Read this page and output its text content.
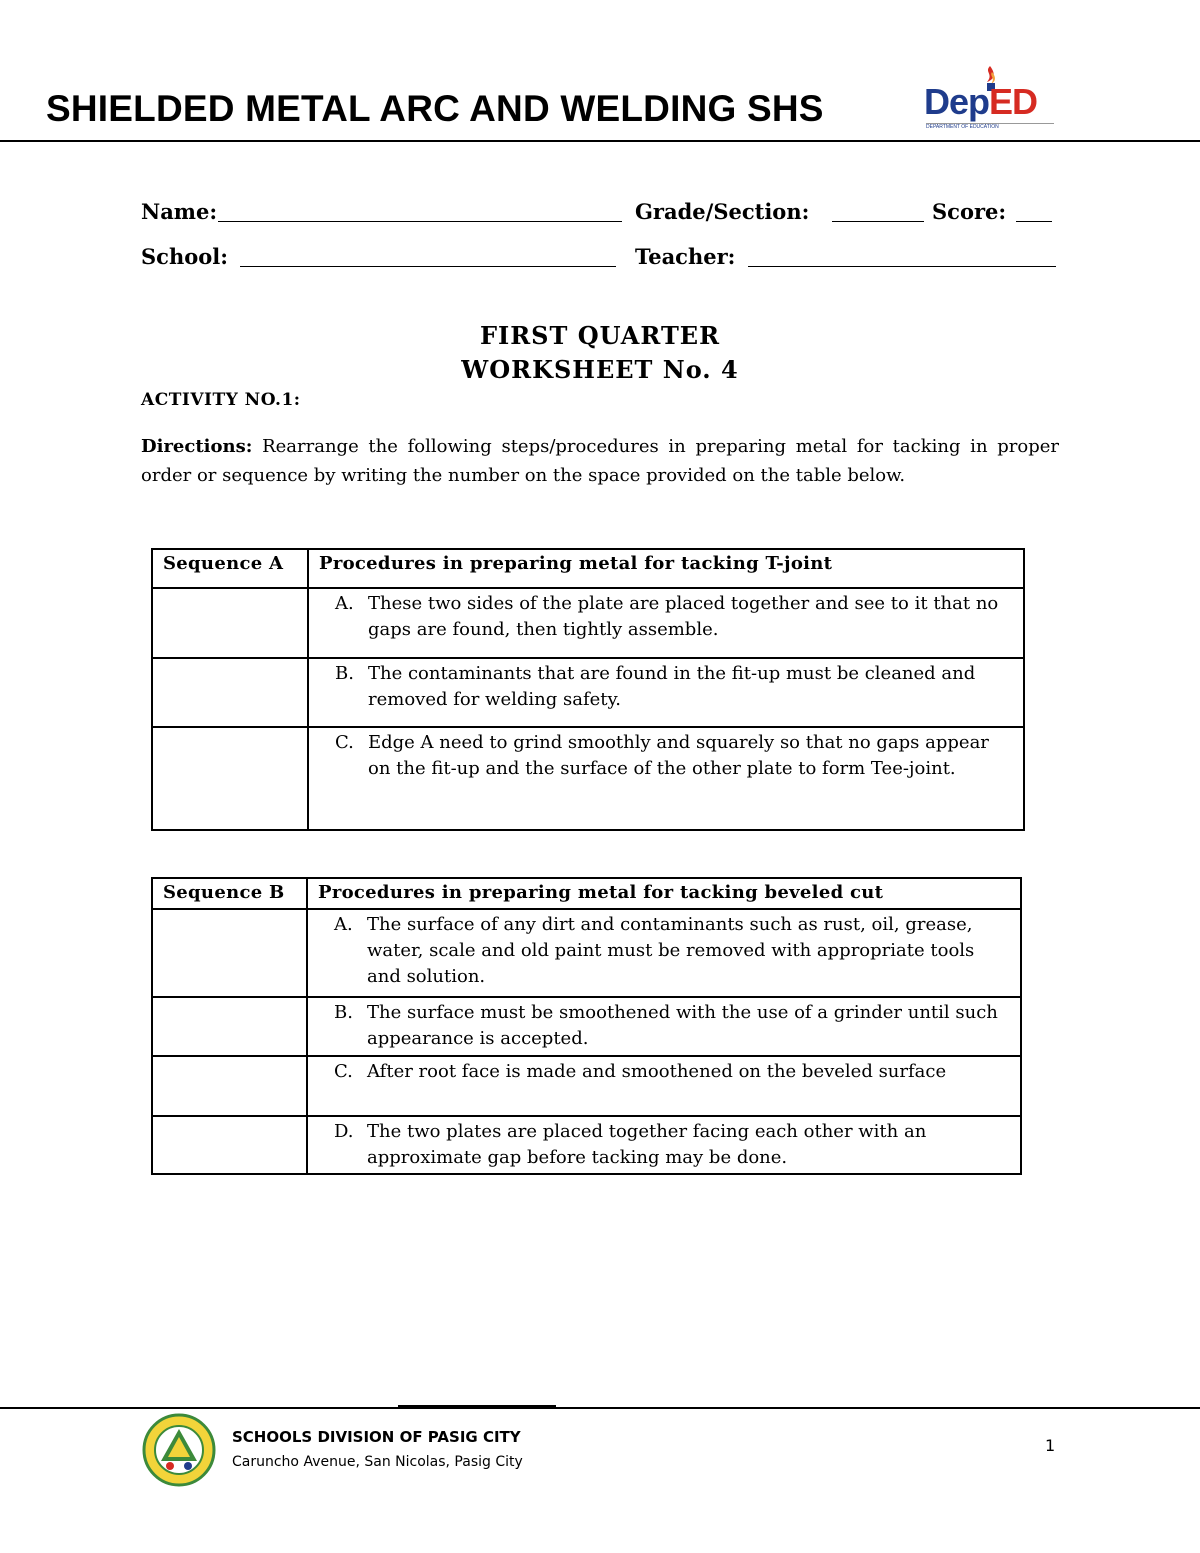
SHIELDED METAL ARC AND WELDING SHS	DepED
DEPARTMENT OF EDUCATION
Name:	Grade/Section:	Score:
School:	Teacher:
FIRST QUARTER
WORKSHEET No. 4
ACTIVITY NO.1:
Directions: Rearrange the following steps/procedures in preparing metal for tacking in proper order or sequence by writing the number on the space provided on the table below.
Sequence A	Procedures in preparing metal for tacking T-joint

	A. These two sides of the plate are placed together and see to it that no gaps are found, then tightly assemble.

	B. The contaminants that are found in the fit-up must be cleaned and removed for welding safety.

	C. Edge A need to grind smoothly and squarely so that no gaps appear on the fit-up and the surface of the other plate to form Tee-joint.
Sequence B	Procedures in preparing metal for tacking beveled cut

	A. The surface of any dirt and contaminants such as rust, oil, grease, water, scale and old paint must be removed with appropriate tools and solution.

	B. The surface must be smoothened with the use of a grinder until such appearance is accepted.

	C. After root face is made and smoothened on the beveled surface

	D. The two plates are placed together facing each other with an approximate gap before tacking may be done.
SCHOOLS DIVISION OF PASIG CITY
Caruncho Avenue, San Nicolas, Pasig City
1
